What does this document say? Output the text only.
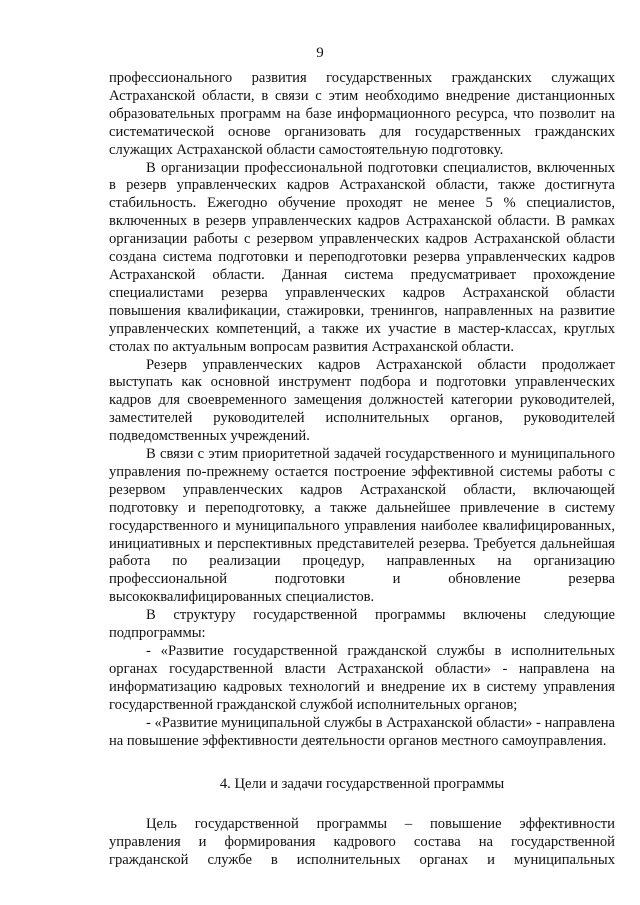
9

профессионального развития государственных гражданских служащих Астраханской области, в связи с этим необходимо внедрение дистанционных образовательных программ на базе информационного ресурса, что позволит на систематической основе организовать для государственных гражданских служащих Астраханской области самостоятельную подготовку.

В организации профессиональной подготовки специалистов, включенных в резерв управленческих кадров Астраханской области, также достигнута стабильность. Ежегодно обучение проходят не менее 5 % специалистов, включенных в резерв управленческих кадров Астраханской области. В рамках организации работы с резервом управленческих кадров Астраханской области создана система подготовки и переподготовки резерва управленческих кадров Астраханской области. Данная система предусматривает прохождение специалистами резерва управленческих кадров Астраханской области повышения квалификации, стажировки, тренингов, направленных на развитие управленческих компетенций, а также их участие в мастер-классах, круглых столах по актуальным вопросам развития Астраханской области.

Резерв управленческих кадров Астраханской области продолжает выступать как основной инструмент подбора и подготовки управленческих кадров для своевременного замещения должностей категории руководителей, заместителей руководителей исполнительных органов, руководителей подведомственных учреждений.

В связи с этим приоритетной задачей государственного и муниципального управления по-прежнему остается построение эффективной системы работы с резервом управленческих кадров Астраханской области, включающей подготовку и переподготовку, а также дальнейшее привлечение в систему государственного и муниципального управления наиболее квалифицированных, инициативных и перспективных представителей резерва. Требуется дальнейшая работа по реализации процедур, направленных на организацию профессиональной подготовки и обновление резерва высококвалифицированных специалистов.

В структуру государственной программы включены следующие подпрограммы:

- «Развитие государственной гражданской службы в исполнительных органах государственной власти Астраханской области» - направлена на информатизацию кадровых технологий и внедрение их в систему управления государственной гражданской службой исполнительных органов;

- «Развитие муниципальной службы в Астраханской области» - направлена на повышение эффективности деятельности органов местного самоуправления.

4. Цели и задачи государственной программы

Цель государственной программы – повышение эффективности управления и формирования кадрового состава на государственной гражданской службе в исполнительных органах и муниципальных
